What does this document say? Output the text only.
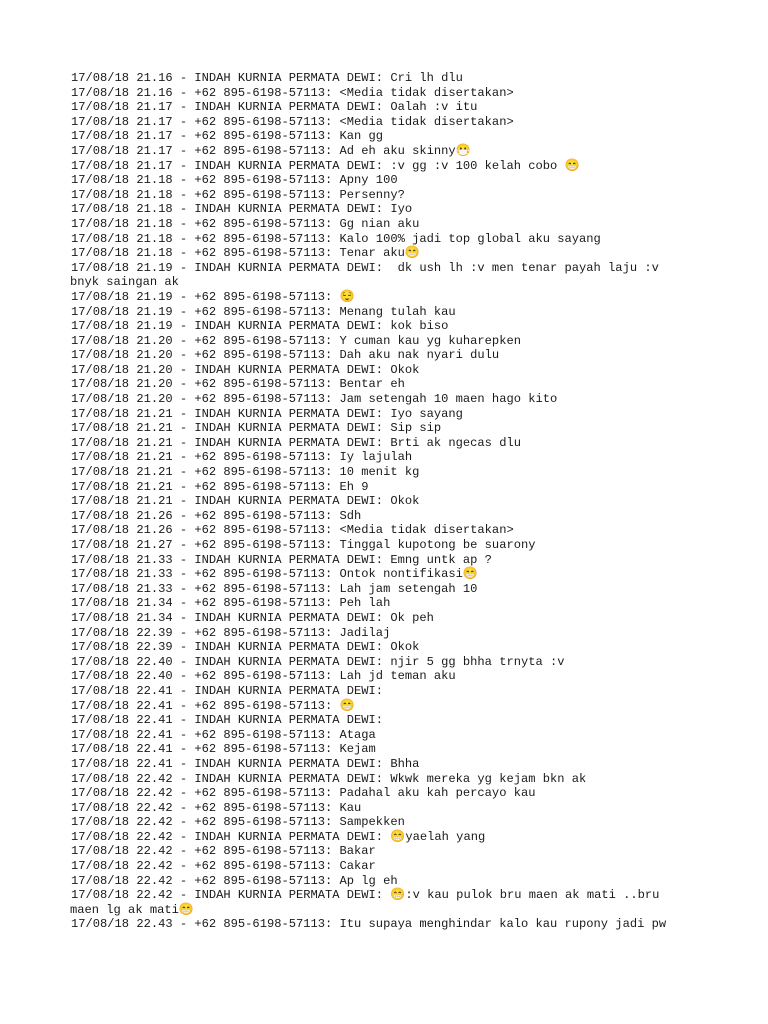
17/08/18 21.16 - INDAH KURNIA PERMATA DEWI: Cri lh dlu
17/08/18 21.16 - +62 895-6198-57113: <Media tidak disertakan>
17/08/18 21.17 - INDAH KURNIA PERMATA DEWI: Oalah :v itu
17/08/18 21.17 - +62 895-6198-57113: <Media tidak disertakan>
17/08/18 21.17 - +62 895-6198-57113: Kan gg
17/08/18 21.17 - +62 895-6198-57113: Ad eh aku skinny😷
17/08/18 21.17 - INDAH KURNIA PERMATA DEWI: :v gg :v 100 kelah cobo 😁
17/08/18 21.18 - +62 895-6198-57113: Apny 100
17/08/18 21.18 - +62 895-6198-57113: Persenny?
17/08/18 21.18 - INDAH KURNIA PERMATA DEWI: Iyo
17/08/18 21.18 - +62 895-6198-57113: Gg nian aku
17/08/18 21.18 - +62 895-6198-57113: Kalo 100% jadi top global aku sayang
17/08/18 21.18 - +62 895-6198-57113: Tenar aku😁
17/08/18 21.19 - INDAH KURNIA PERMATA DEWI:  dk ush lh :v men tenar payah laju :v
bnyk saingan ak
17/08/18 21.19 - +62 895-6198-57113: 😌
17/08/18 21.19 - +62 895-6198-57113: Menang tulah kau
17/08/18 21.19 - INDAH KURNIA PERMATA DEWI: kok biso
17/08/18 21.20 - +62 895-6198-57113: Y cuman kau yg kuharepken
17/08/18 21.20 - +62 895-6198-57113: Dah aku nak nyari dulu
17/08/18 21.20 - INDAH KURNIA PERMATA DEWI: Okok
17/08/18 21.20 - +62 895-6198-57113: Bentar eh
17/08/18 21.20 - +62 895-6198-57113: Jam setengah 10 maen hago kito
17/08/18 21.21 - INDAH KURNIA PERMATA DEWI: Iyo sayang
17/08/18 21.21 - INDAH KURNIA PERMATA DEWI: Sip sip
17/08/18 21.21 - INDAH KURNIA PERMATA DEWI: Brti ak ngecas dlu
17/08/18 21.21 - +62 895-6198-57113: Iy lajulah
17/08/18 21.21 - +62 895-6198-57113: 10 menit kg
17/08/18 21.21 - +62 895-6198-57113: Eh 9
17/08/18 21.21 - INDAH KURNIA PERMATA DEWI: Okok
17/08/18 21.26 - +62 895-6198-57113: Sdh
17/08/18 21.26 - +62 895-6198-57113: <Media tidak disertakan>
17/08/18 21.27 - +62 895-6198-57113: Tinggal kupotong be suarony
17/08/18 21.33 - INDAH KURNIA PERMATA DEWI: Emng untk ap ?
17/08/18 21.33 - +62 895-6198-57113: Ontok nontifikasi😁
17/08/18 21.33 - +62 895-6198-57113: Lah jam setengah 10
17/08/18 21.34 - +62 895-6198-57113: Peh lah
17/08/18 21.34 - INDAH KURNIA PERMATA DEWI: Ok peh
17/08/18 22.39 - +62 895-6198-57113: Jadilaj
17/08/18 22.39 - INDAH KURNIA PERMATA DEWI: Okok
17/08/18 22.40 - INDAH KURNIA PERMATA DEWI: njir 5 gg bhha trnyta :v
17/08/18 22.40 - +62 895-6198-57113: Lah jd teman aku
17/08/18 22.41 - INDAH KURNIA PERMATA DEWI:
17/08/18 22.41 - +62 895-6198-57113: 😁
17/08/18 22.41 - INDAH KURNIA PERMATA DEWI:
17/08/18 22.41 - +62 895-6198-57113: Ataga
17/08/18 22.41 - +62 895-6198-57113: Kejam
17/08/18 22.41 - INDAH KURNIA PERMATA DEWI: Bhha
17/08/18 22.42 - INDAH KURNIA PERMATA DEWI: Wkwk mereka yg kejam bkn ak
17/08/18 22.42 - +62 895-6198-57113: Padahal aku kah percayo kau
17/08/18 22.42 - +62 895-6198-57113: Kau
17/08/18 22.42 - +62 895-6198-57113: Sampekken
17/08/18 22.42 - INDAH KURNIA PERMATA DEWI: 😁yaelah yang
17/08/18 22.42 - +62 895-6198-57113: Bakar
17/08/18 22.42 - +62 895-6198-57113: Cakar
17/08/18 22.42 - +62 895-6198-57113: Ap lg eh
17/08/18 22.42 - INDAH KURNIA PERMATA DEWI: 😁:v kau pulok bru maen ak mati ..bru
maen lg ak mati😁
17/08/18 22.43 - +62 895-6198-57113: Itu supaya menghindar kalo kau rupony jadi pw
